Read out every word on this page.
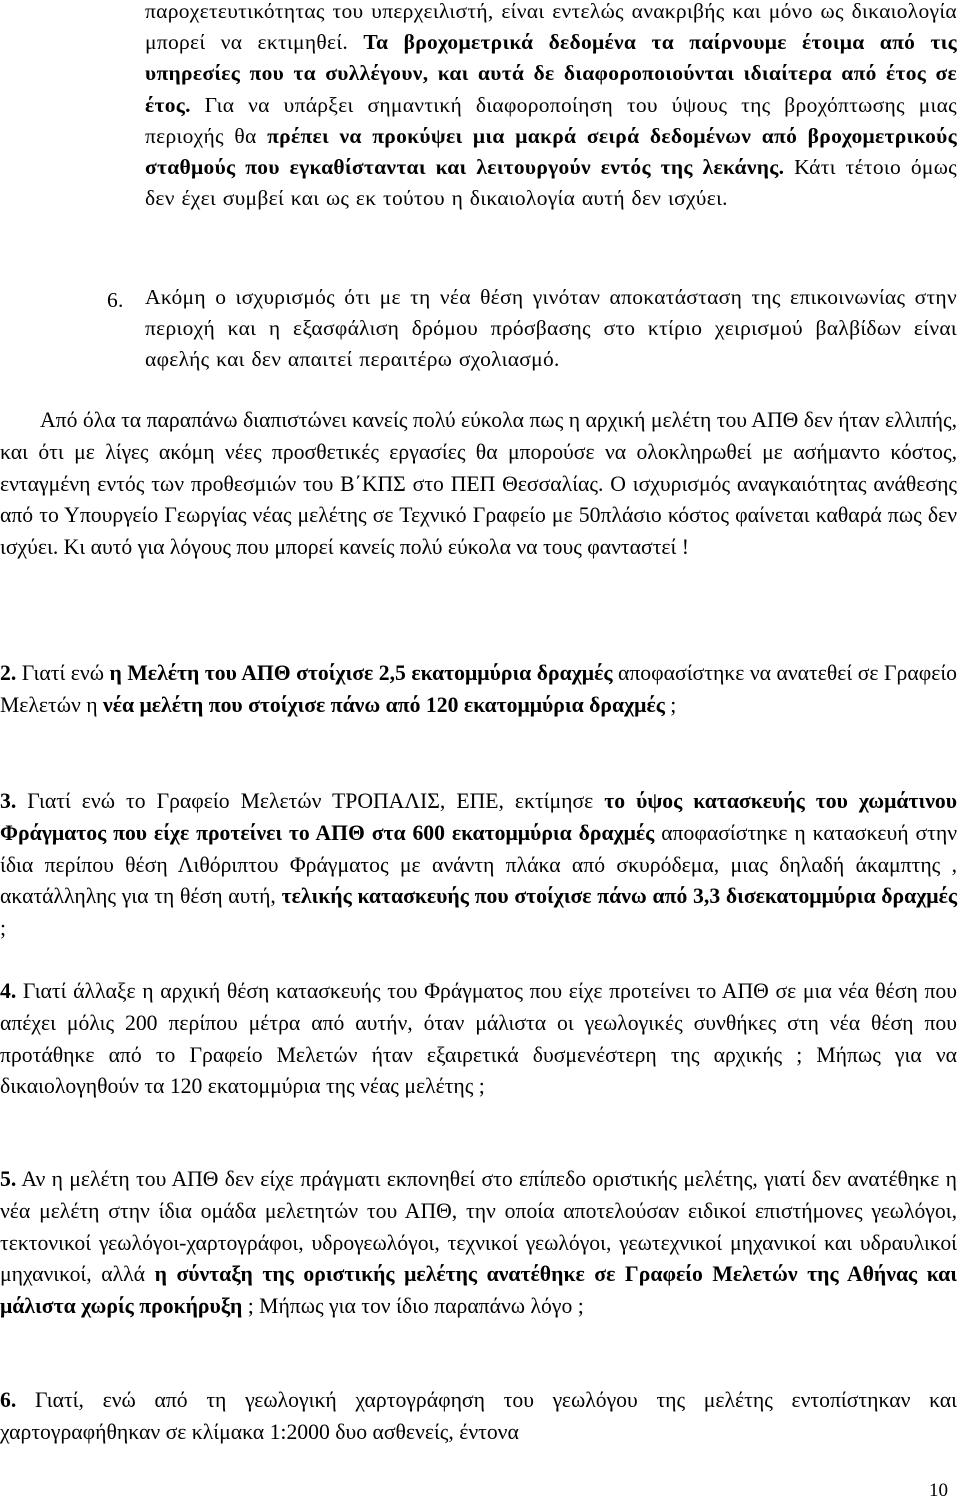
παροχετευτικότητας του υπερχειλιστή, είναι εντελώς ανακριβής και μόνο ως δικαιολογία μπορεί να εκτιμηθεί. Τα βροχομετρικά δεδομένα τα παίρνουμε έτοιμα από τις υπηρεσίες που τα συλλέγουν, και αυτά δε διαφοροποιούνται ιδιαίτερα από έτος σε έτος. Για να υπάρξει σημαντική διαφοροποίηση του ύψους της βροχόπτωσης μιας περιοχής θα πρέπει να προκύψει μια μακρά σειρά δεδομένων από βροχομετρικούς σταθμούς που εγκαθίστανται και λειτουργούν εντός της λεκάνης. Κάτι τέτοιο όμως δεν έχει συμβεί και ως εκ τούτου η δικαιολογία αυτή δεν ισχύει.
6. Ακόμη ο ισχυρισμός ότι με τη νέα θέση γινόταν αποκατάσταση της επικοινωνίας στην περιοχή και η εξασφάλιση δρόμου πρόσβασης στο κτίριο χειρισμού βαλβίδων είναι αφελής και δεν απαιτεί περαιτέρω σχολιασμό.

Από όλα τα παραπάνω διαπιστώνει κανείς πολύ εύκολα πως η αρχική μελέτη του ΑΠΘ δεν ήταν ελλιπής, και ότι με λίγες ακόμη νέες προσθετικές εργασίες θα μπορούσε να ολοκληρωθεί με ασήμαντο κόστος, ενταγμένη εντός των προθεσμιών του Β΄ΚΠΣ στο ΠΕΠ Θεσσαλίας. Ο ισχυρισμός αναγκαιότητας ανάθεσης από το Υπουργείο Γεωργίας νέας μελέτης σε Τεχνικό Γραφείο με 50πλάσιο κόστος φαίνεται καθαρά πως δεν ισχύει. Κι αυτό για λόγους που μπορεί κανείς πολύ εύκολα να τους φανταστεί !

2. Γιατί ενώ η Μελέτη του ΑΠΘ στοίχισε 2,5 εκατομμύρια δραχμές αποφασίστηκε να ανατεθεί σε Γραφείο Μελετών η νέα μελέτη που στοίχισε πάνω από 120 εκατομμύρια δραχμές ;

3. Γιατί ενώ το Γραφείο Μελετών ΤΡΟΠΑΛΙΣ, ΕΠΕ, εκτίμησε το ύψος κατασκευής του χωμάτινου Φράγματος που είχε προτείνει το ΑΠΘ στα 600 εκατομμύρια δραχμές αποφασίστηκε η κατασκευή στην ίδια περίπου θέση Λιθόριπτου Φράγματος με ανάντη πλάκα από σκυρόδεμα, μιας δηλαδή άκαμπτης , ακατάλληλης για τη θέση αυτή, τελικής κατασκευής που στοίχισε πάνω από 3,3 δισεκατομμύρια δραχμές ;

4. Γιατί άλλαξε η αρχική θέση κατασκευής του Φράγματος που είχε προτείνει το ΑΠΘ σε μια νέα θέση που απέχει μόλις 200 περίπου μέτρα από αυτήν, όταν μάλιστα οι γεωλογικές συνθήκες στη νέα θέση που προτάθηκε από το Γραφείο Μελετών ήταν εξαιρετικά δυσμενέστερη της αρχικής ; Μήπως για να δικαιολογηθούν τα 120 εκατομμύρια της νέας μελέτης ;

5. Αν η μελέτη του ΑΠΘ δεν είχε πράγματι εκπονηθεί στο επίπεδο οριστικής μελέτης, γιατί δεν ανατέθηκε η νέα μελέτη στην ίδια ομάδα μελετητών του ΑΠΘ, την οποία αποτελούσαν ειδικοί επιστήμονες γεωλόγοι, τεκτονικοί γεωλόγοι-χαρτογράφοι, υδρογεωλόγοι, τεχνικοί γεωλόγοι, γεωτεχνικοί μηχανικοί και υδραυλικοί μηχανικοί, αλλά η σύνταξη της οριστικής μελέτης ανατέθηκε σε Γραφείο Μελετών της Αθήνας και μάλιστα χωρίς προκήρυξη ; Μήπως για τον ίδιο παραπάνω λόγο ;

6. Γιατί, ενώ από τη γεωλογική χαρτογράφηση του γεωλόγου της μελέτης εντοπίστηκαν και χαρτογραφήθηκαν σε κλίμακα 1:2000 δυο ασθενείς, έντονα

10
